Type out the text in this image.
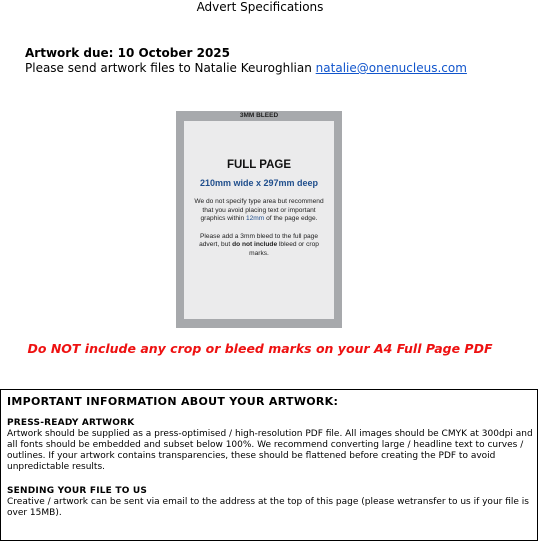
Advert Specifications
Artwork due: 10 October 2025
Please send artwork files to Natalie Keuroghlian natalie@onenucleus.com
3MM BLEED
FULL PAGE
210mm wide x 297mm deep
We do not specify type area but recommend that you avoid placing text or important graphics within 12mm of the page edge.
Please add a 3mm bleed to the full page advert, but do not include lbleed or crop marks.
Do NOT include any crop or bleed marks on your A4 Full Page PDF
IMPORTANT INFORMATION ABOUT YOUR ARTWORK:
PRESS-READY ARTWORK
Artwork should be supplied as a press-optimised / high-resolution PDF file. All images should be CMYK at 300dpi and all fonts should be embedded and subset below 100%. We recommend converting large / headline text to curves / outlines. If your artwork contains transparencies, these should be flattened before creating the PDF to avoid unpredictable results.
SENDING YOUR FILE TO US
Creative / artwork can be sent via email to the address at the top of this page (please wetransfer to us if your file is over 15MB).
